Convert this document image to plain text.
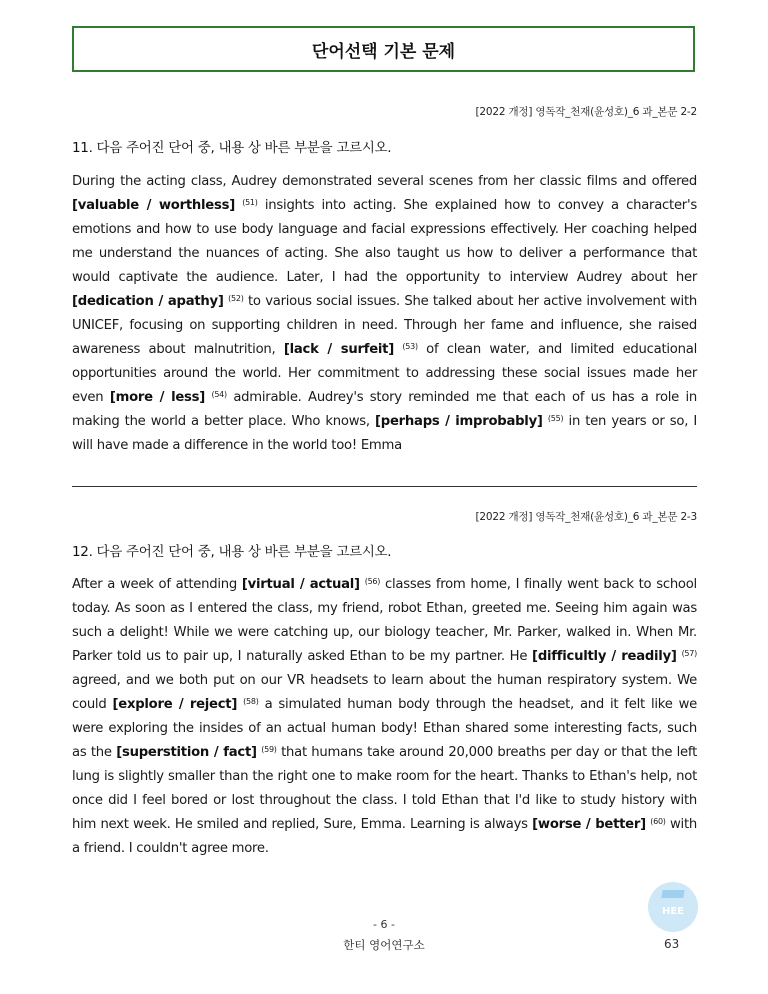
단어선택 기본 문제
[2022 개정] 영독작_천재(윤성호)_6 과_본문 2-2
11. 다음 주어진 단어 중, 내용 상 바른 부분을 고르시오.
During the acting class, Audrey demonstrated several scenes from her classic films and offered [valuable / worthless] $^{(51)}$ insights into acting. She explained how to convey a character's emotions and how to use body language and facial expressions effectively. Her coaching helped me understand the nuances of acting. She also taught us how to deliver a performance that would captivate the audience. Later, I had the opportunity to interview Audrey about her [dedication / apathy] $^{(52)}$ to various social issues. She talked about her active involvement with UNICEF, focusing on supporting children in need. Through her fame and influence, she raised awareness about malnutrition, [lack / surfeit] $^{(53)}$ of clean water, and limited educational opportunities around the world. Her commitment to addressing these social issues made her even [more / less] $^{(54)}$ admirable. Audrey's story reminded me that each of us has a role in making the world a better place. Who knows, [perhaps / improbably] $^{(55)}$ in ten years or so, I will have made a difference in the world too! Emma
[2022 개정] 영독작_천재(윤성호)_6 과_본문 2-3
12. 다음 주어진 단어 중, 내용 상 바른 부분을 고르시오.
After a week of attending [virtual / actual] $^{(56)}$ classes from home, I finally went back to school today. As soon as I entered the class, my friend, robot Ethan, greeted me. Seeing him again was such a delight! While we were catching up, our biology teacher, Mr. Parker, walked in. When Mr. Parker told us to pair up, I naturally asked Ethan to be my partner. He [difficultly / readily] $^{(57)}$ agreed, and we both put on our VR headsets to learn about the human respiratory system. We could [explore / reject] $^{(58)}$ a simulated human body through the headset, and it felt like we were exploring the insides of an actual human body! Ethan shared some interesting facts, such as the [superstition / fact] $^{(59)}$ that humans take around 20,000 breaths per day or that the left lung is slightly smaller than the right one to make room for the heart. Thanks to Ethan's help, not once did I feel bored or lost throughout the class. I told Ethan that I'd like to study history with him next week. He smiled and replied, Sure, Emma. Learning is always [worse / better] $^{(60)}$ with a friend. I couldn't agree more.
- 6 -
한티 영어연구소
HEE
63
